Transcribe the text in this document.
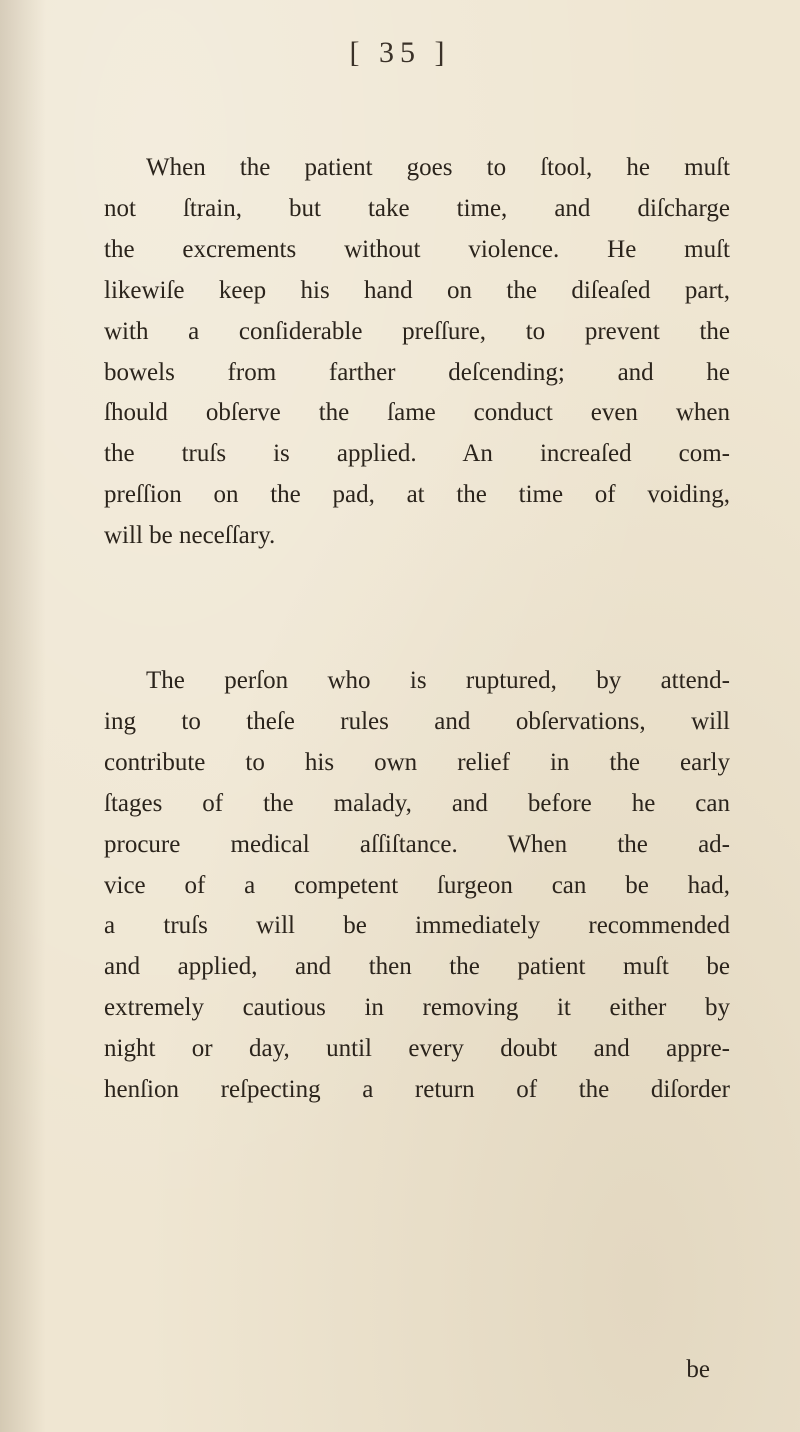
[ 35 ]
When the patient goes to ſtool, he muſt
not ſtrain, but take time, and diſcharge
the excrements without violence. He muſt
likewiſe keep his hand on the diſeaſed part,
with a conſiderable preſſure, to prevent the
bowels from farther deſcending; and he
ſhould obſerve the ſame conduct even when
the truſs is applied. An increaſed com-
preſſion on the pad, at the time of voiding,
will be neceſſary.
The perſon who is ruptured, by attend-
ing to theſe rules and obſervations, will
contribute to his own relief in the early
ſtages of the malady, and before he can
procure medical aſſiſtance. When the ad-
vice of a competent ſurgeon can be had,
a truſs will be immediately recommended
and applied, and then the patient muſt be
extremely cautious in removing it either by
night or day, until every doubt and appre-
henſion reſpecting a return of the diſorder
be
